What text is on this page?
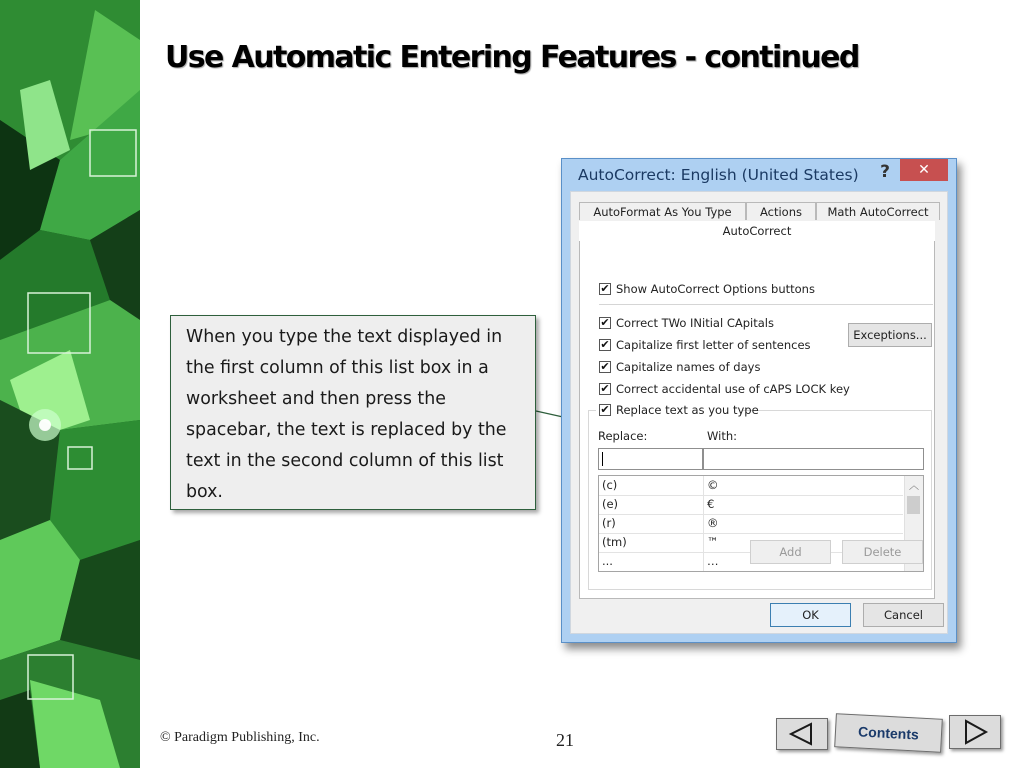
Use Automatic Entering Features - continued
When you type the text displayed in the first column of this list box in a worksheet and then press the spacebar, the text is replaced by the text in the second column of this list box.
AutoCorrect: English (United States)	?	✕
AutoFormat As You Type	Actions	Math AutoCorrect
AutoCorrect
✔ Show AutoCorrect Options buttons
✔ Correct TWo INitial CApitals
Exceptions...
✔ Capitalize first letter of sentences
✔ Capitalize names of days
✔ Correct accidental use of cAPS LOCK key
✔ Replace text as you type
Replace:	With:
(c)	©
(e)	€
(r)	®
(tm)	™
...	…
︿
Add	Delete
OK	Cancel
© Paradigm Publishing, Inc.	21	Contents
